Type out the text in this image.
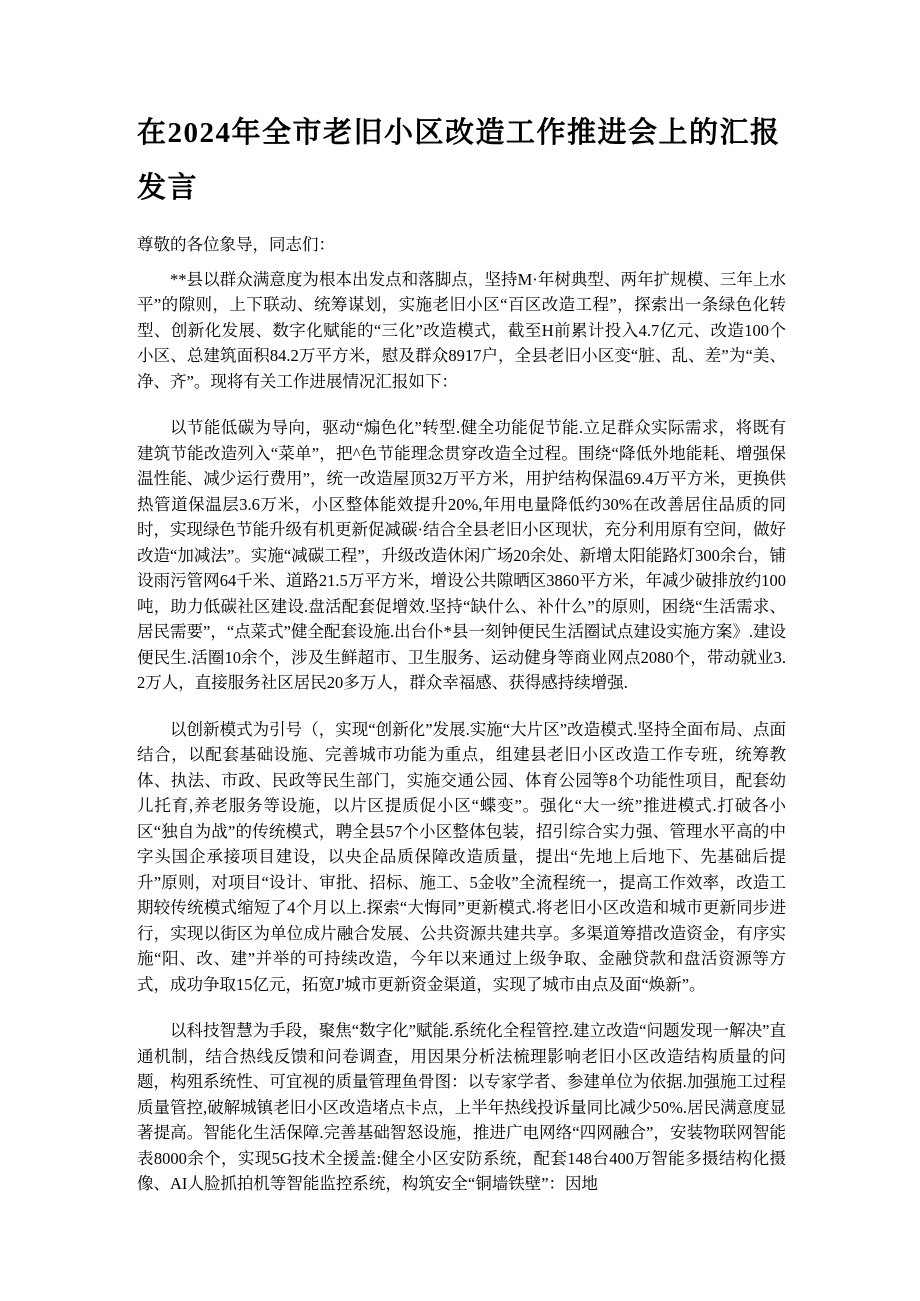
在2024年全市老旧小区改造工作推进会上的汇报发言

尊敬的各位象导，同志们：

**县以群众满意度为根本出发点和落脚点，坚持M·年树典型、两年扩规模、三年上水平”的隙则，上下联动、统筹谋划，实施老旧小区“百区改造工程”，探索出一条绿色化转型、创新化发展、数字化赋能的“三化”改造模式，截至H前累计投入4.7亿元、改造100个小区、总建筑面积84.2万平方米，慰及群众8917户，全县老旧小区变“脏、乱、差”为“美、净、齐”。现将有关工作进展情况汇报如下：

以节能低碳为导向，驱动“煽色化”转型.健全功能促节能.立足群众实际需求，将既有建筑节能改造列入“菜单”，把^色节能理念贯穿改造全过程。围绕“降低外地能耗、增强保温性能、减少运行费用”，统一改造屋顶32万平方米，用护结构保温69.4万平方米，更换供热管道保温层3.6万米，小区整体能效提升20%,年用电量降低约30%在改善居住品质的同时，实现绿色节能升级有机更新促减碳·结合全县老旧小区现状，充分利用原有空间，做好改造“加减法”。实施“减碳工程”，升级改造休闲广场20余处、新增太阳能路灯300余台，铺设雨污管网64千米、道路21.5万平方米，增设公共隙晒区3860平方米，年减少破排放约100吨，助力低碳社区建设.盘活配套促增效.坚持“缺什么、补什么”的原则，困绕“生活需求、居民需要”，“点菜式”健全配套设施.出台仆*县一刻钟便民生活圈试点建设实施方案》.建设便民生.活圈10余个，涉及生鲜超市、卫生服务、运动健身等商业网点2080个，带动就业3.2万人，直接服务社区居民20多万人，群众幸福感、获得感持续增强.

以创新模式为引号（，实现“创新化”发展.实施“大片区”改造模式.坚持全面布局、点面结合，以配套基础设施、完善城市功能为重点，组建县老旧小区改造工作专班，统筹教体、执法、市政、民政等民生部门，实施交通公园、体育公园等8个功能性项目，配套幼儿托育,养老服务等设施，以片区提质促小区“蝶变”。强化“大一统”推进模式.打破各小区“独自为战”的传统模式，聘全县57个小区整体包装，招引综合实力强、管理水平高的中字头国企承接项目建设，以央企品质保障改造质量，提出“先地上后地下、先基础后提升”原则，对项目“设计、审批、招标、施工、5金收”全流程统一，提高工作效率，改造工期较传统模式缩短了4个月以上.探索“大悔同”更新模式.将老旧小区改造和城市更新同步进行，实现以街区为单位成片融合发展、公共资源共建共享。多渠道筹措改造资金，有序实施“阳、改、建”并举的可持续改造，今年以来通过上级争取、金融贷款和盘活资源等方式，成功争取15亿元，拓宽J'城市更新资金渠道，实现了城市由点及面“焕新”。

以科技智慧为手段，聚焦“数字化”赋能.系统化全程管控.建立改造“问题发现一解决”直通机制，结合热线反馈和问卷调查，用因果分析法梳理影响老旧小区改造结构质量的问题，构殂系统性、可宜视的质量管理鱼骨图：以专家学者、参建单位为依据.加强施工过程质量管控,破解城镇老旧小区改造堵点卡点，上半年热线投诉量同比减少50%.居民满意度显著提高。智能化生活保障.完善基础智怒设施，推进广电网络“四网融合”，安装物联网智能表8000余个，实现5G技术全援盖:健全小区安防系统，配套148台400万智能多摄结构化摄像、AI人脸抓拍机等智能监控系统，构筑安全“铜墙铁壁”：因地
